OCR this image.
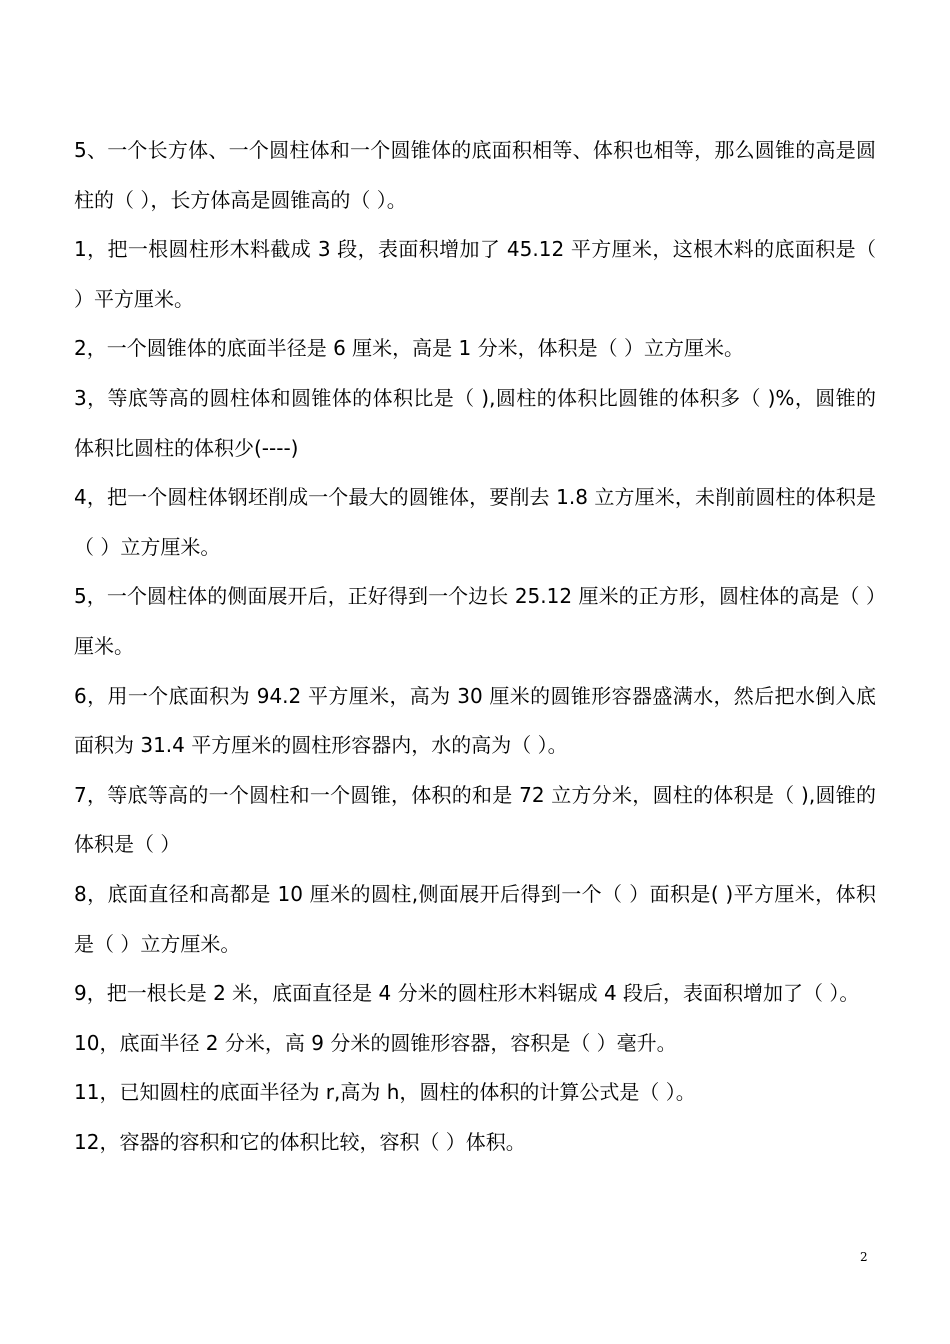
5、一个长方体、一个圆柱体和一个圆锥体的底面积相等、体积也相等，那么圆锥的高是圆柱的（ ），长方体高是圆锥高的（ ）。

1，把一根圆柱形木料截成 3 段，表面积增加了 45.12 平方厘米，这根木料的底面积是（ ）平方厘米。

2，一个圆锥体的底面半径是 6 厘米，高是 1 分米，体积是（ ）立方厘米。

3，等底等高的圆柱体和圆锥体的体积比是（ ),圆柱的体积比圆锥的体积多（ )%，圆锥的体积比圆柱的体积少(----)

4，把一个圆柱体钢坯削成一个最大的圆锥体，要削去 1.8 立方厘米，未削前圆柱的体积是（ ）立方厘米。

5，一个圆柱体的侧面展开后，正好得到一个边长 25.12 厘米的正方形，圆柱体的高是（ ）厘米。

6，用一个底面积为 94.2 平方厘米，高为 30 厘米的圆锥形容器盛满水，然后把水倒入底面积为 31.4 平方厘米的圆柱形容器内，水的高为（ ）。

7，等底等高的一个圆柱和一个圆锥，体积的和是 72 立方分米，圆柱的体积是（ ),圆锥的体积是（ ）

8，底面直径和高都是 10 厘米的圆柱,侧面展开后得到一个（ ）面积是( )平方厘米，体积是（ ）立方厘米。

9，把一根长是 2 米，底面直径是 4 分米的圆柱形木料锯成 4 段后，表面积增加了（ ）。

10，底面半径 2 分米，高 9 分米的圆锥形容器，容积是（ ）毫升。

11，已知圆柱的底面半径为 r,高为 h，圆柱的体积的计算公式是（ ）。

12，容器的容积和它的体积比较，容积（ ）体积。

2
